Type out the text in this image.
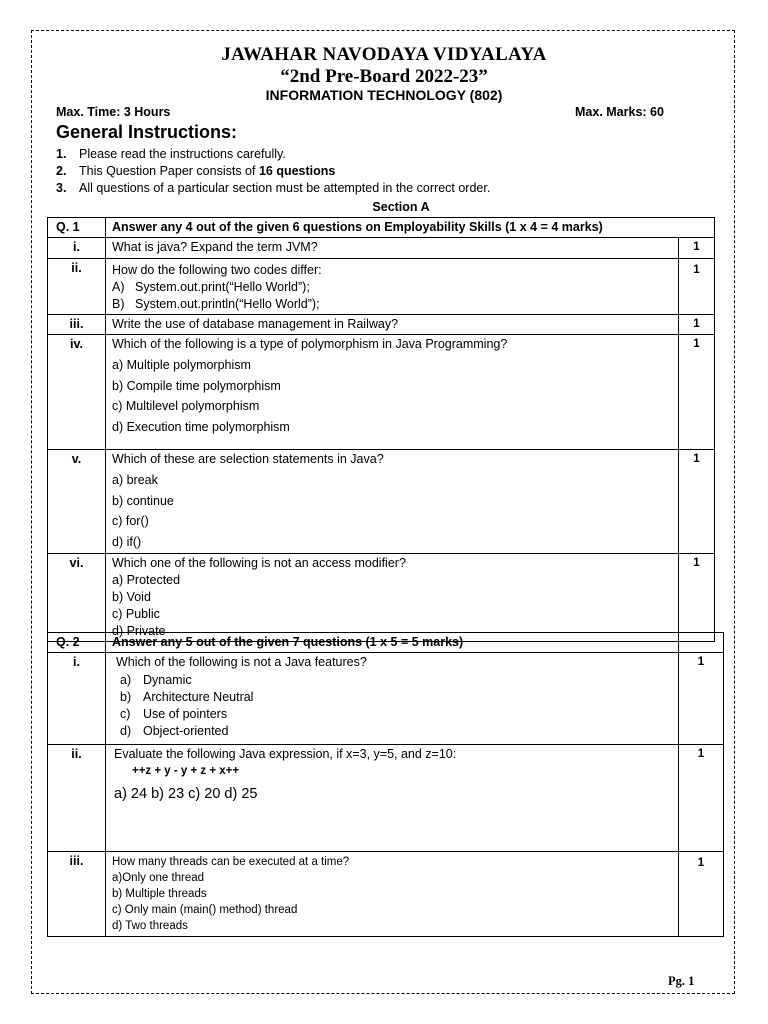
JAWAHAR NAVODAYA VIDYALAYA
“2nd Pre-Board 2022-23”
INFORMATION TECHNOLOGY (802)
Max. Time: 3 Hours	Max. Marks: 60
General Instructions:
1. Please read the instructions carefully.
2. This Question Paper consists of 16 questions
3. All questions of a particular section must be attempted in the correct order.
Section A
Q. 1	Answer any 4 out of the given 6 questions on Employability Skills (1 x 4 = 4 marks)	
i.	What is java? Expand the term JVM?	1
ii.	How do the following two codes differ:
A) System.out.print(“Hello World”);
B) System.out.println(“Hello World”);	1
iii.	Write the use of database management in Railway?	1
iv.	Which of the following is a type of polymorphism in Java Programming?
a) Multiple polymorphism
b) Compile time polymorphism
c) Multilevel polymorphism
d) Execution time polymorphism	1
v.	Which of these are selection statements in Java?
a) break
b) continue
c) for()
d) if()	1
vi.	Which one of the following is not an access modifier?
a) Protected
b) Void
c) Public
d) Private	1
Q. 2	Answer any 5 out of the given 7 questions (1 x 5 = 5 marks)	
i.	Which of the following is not a Java features?
a) Dynamic
b) Architecture Neutral
c) Use of pointers
d) Object-oriented	1
ii.	Evaluate the following Java expression, if x=3, y=5, and z=10:
++z + y - y + z + x++
a) 24 b) 23 c) 20 d) 25	1
iii.	How many threads can be executed at a time?
a)Only one thread
b) Multiple threads
c) Only main (main() method) thread
d) Two threads	1
Pg. 1
